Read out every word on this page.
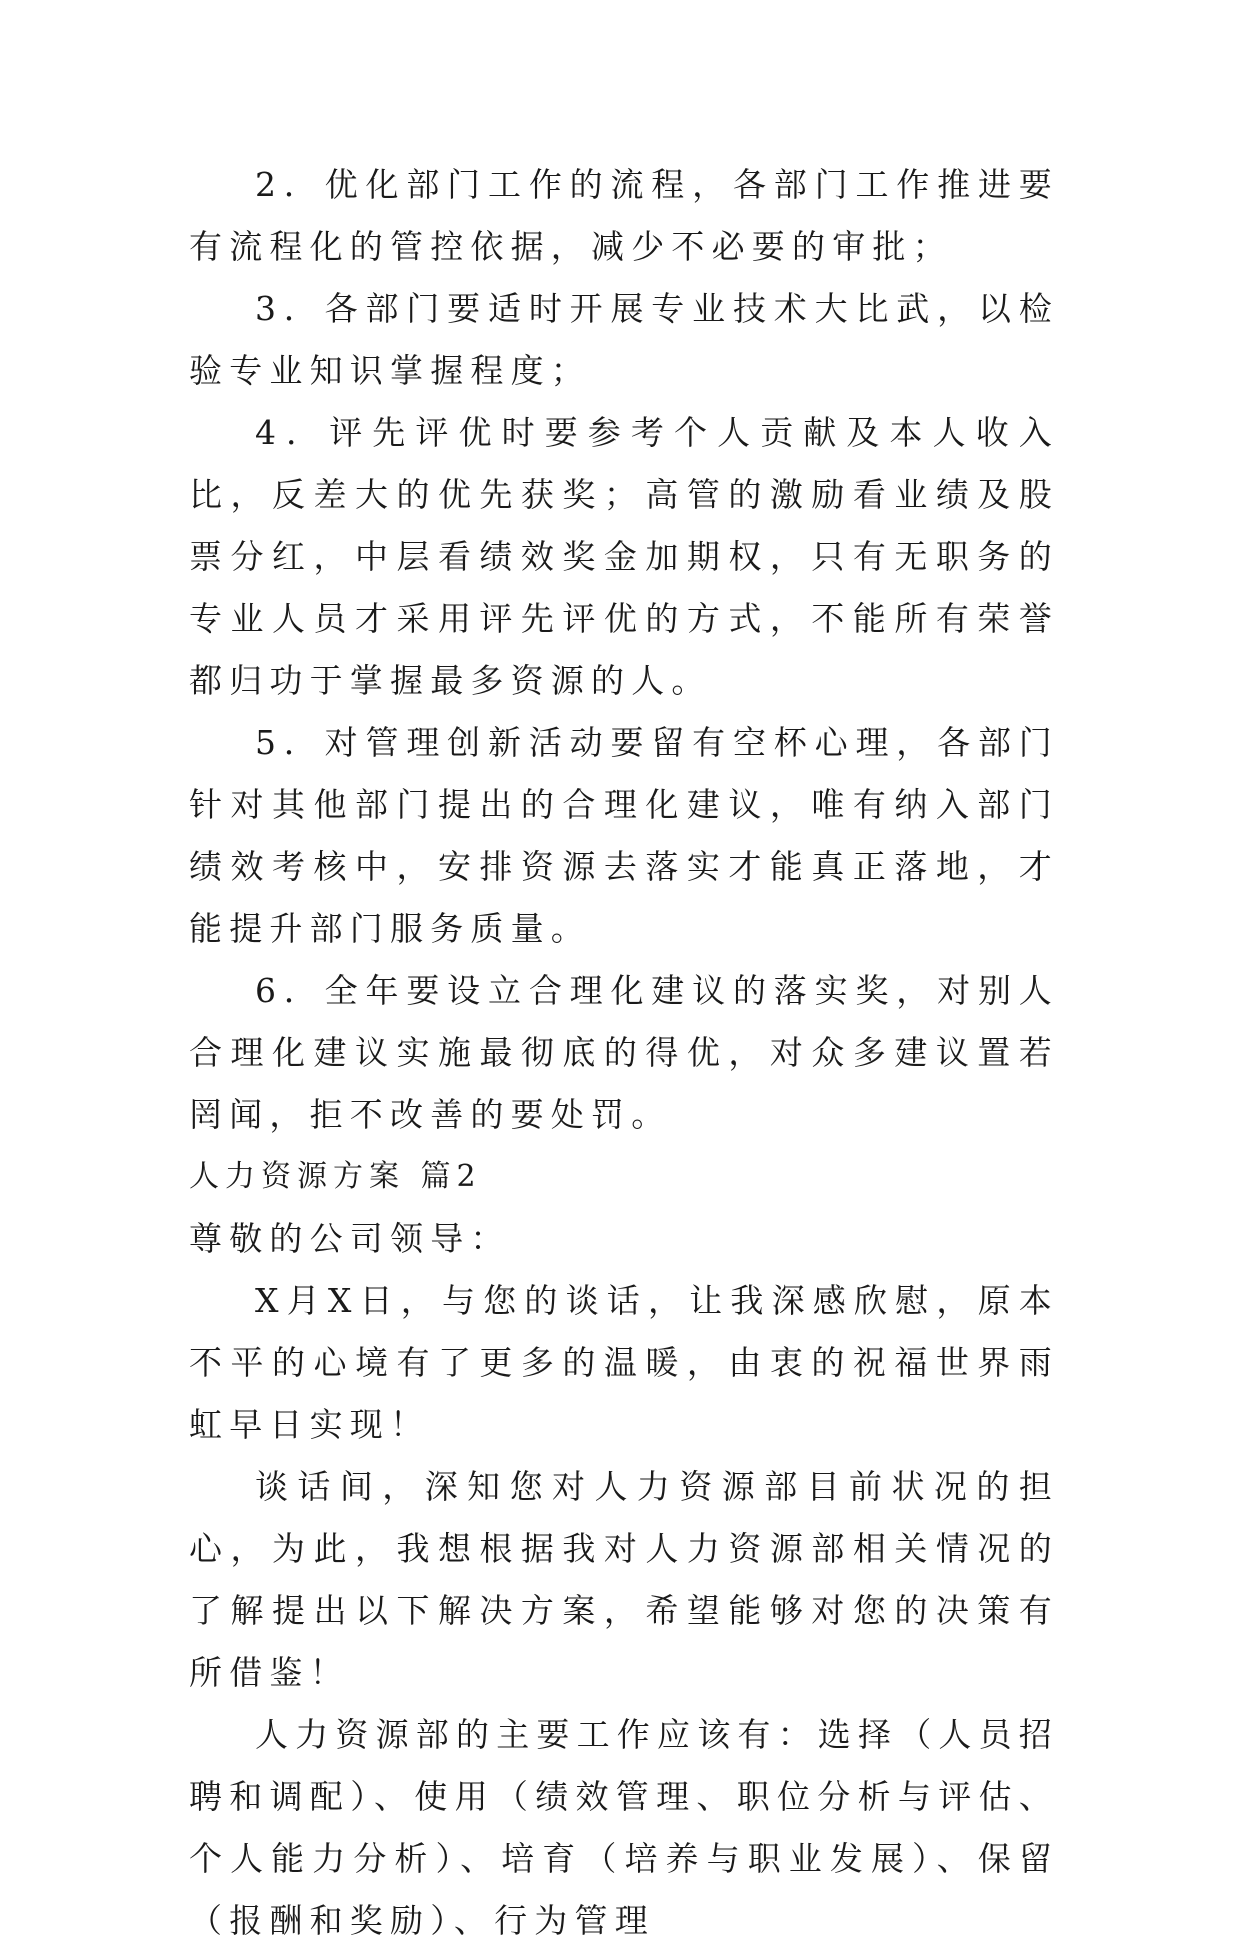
2．优化部门工作的流程，各部门工作推进要有流程化的管控依据，减少不必要的审批；

3．各部门要适时开展专业技术大比武，以检验专业知识掌握程度；

4．评先评优时要参考个人贡献及本人收入比，反差大的优先获奖；高管的激励看业绩及股票分红，中层看绩效奖金加期权，只有无职务的专业人员才采用评先评优的方式，不能所有荣誉都归功于掌握最多资源的人。

5．对管理创新活动要留有空杯心理，各部门针对其他部门提出的合理化建议，唯有纳入部门绩效考核中，安排资源去落实才能真正落地，才能提升部门服务质量。

6．全年要设立合理化建议的落实奖，对别人合理化建议实施最彻底的得优，对众多建议置若罔闻，拒不改善的要处罚。

人力资源方案 篇2

尊敬的公司领导：

X月X日，与您的谈话，让我深感欣慰，原本不平的心境有了更多的温暖，由衷的祝福世界雨虹早日实现！

谈话间，深知您对人力资源部目前状况的担心，为此，我想根据我对人力资源部相关情况的了解提出以下解决方案，希望能够对您的决策有所借鉴！

人力资源部的主要工作应该有：选择（人员招聘和调配）、使用（绩效管理、职位分析与评估、个人能力分析）、培育（培养与职业发展）、保留（报酬和奖励）、行为管理
